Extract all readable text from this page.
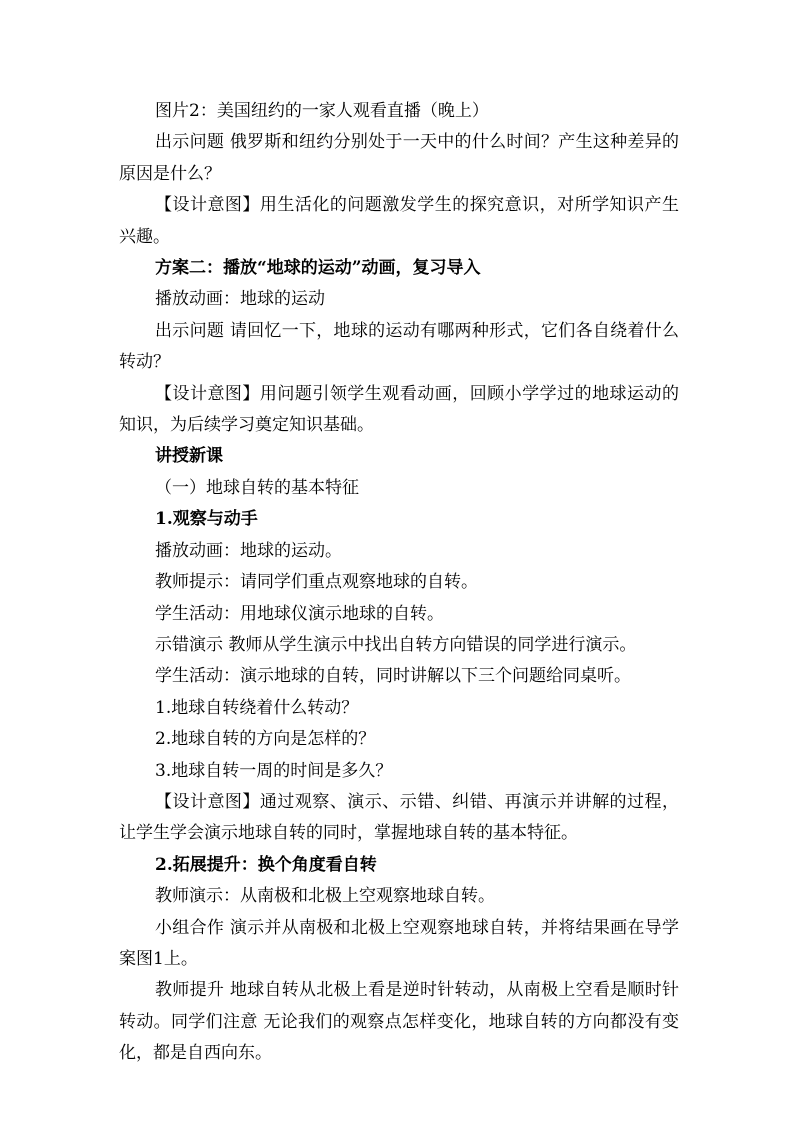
图片2：美国纽约的一家人观看直播（晚上）

出示问题 俄罗斯和纽约分别处于一天中的什么时间？产生这种差异的原因是什么？

【设计意图】用生活化的问题激发学生的探究意识，对所学知识产生兴趣。

方案二：播放“地球的运动”动画，复习导入

播放动画：地球的运动

出示问题 请回忆一下，地球的运动有哪两种形式，它们各自绕着什么转动？

【设计意图】用问题引领学生观看动画，回顾小学学过的地球运动的知识，为后续学习奠定知识基础。

讲授新课

（一）地球自转的基本特征

1.观察与动手

播放动画：地球的运动。

教师提示：请同学们重点观察地球的自转。

学生活动：用地球仪演示地球的自转。

示错演示 教师从学生演示中找出自转方向错误的同学进行演示。

学生活动：演示地球的自转，同时讲解以下三个问题给同桌听。

1.地球自转绕着什么转动？

2.地球自转的方向是怎样的？

3.地球自转一周的时间是多久？

【设计意图】通过观察、演示、示错、纠错、再演示并讲解的过程，让学生学会演示地球自转的同时，掌握地球自转的基本特征。

2.拓展提升：换个角度看自转

教师演示：从南极和北极上空观察地球自转。

小组合作 演示并从南极和北极上空观察地球自转，并将结果画在导学案图1上。

教师提升 地球自转从北极上看是逆时针转动，从南极上空看是顺时针转动。同学们注意 无论我们的观察点怎样变化，地球自转的方向都没有变化，都是自西向东。
